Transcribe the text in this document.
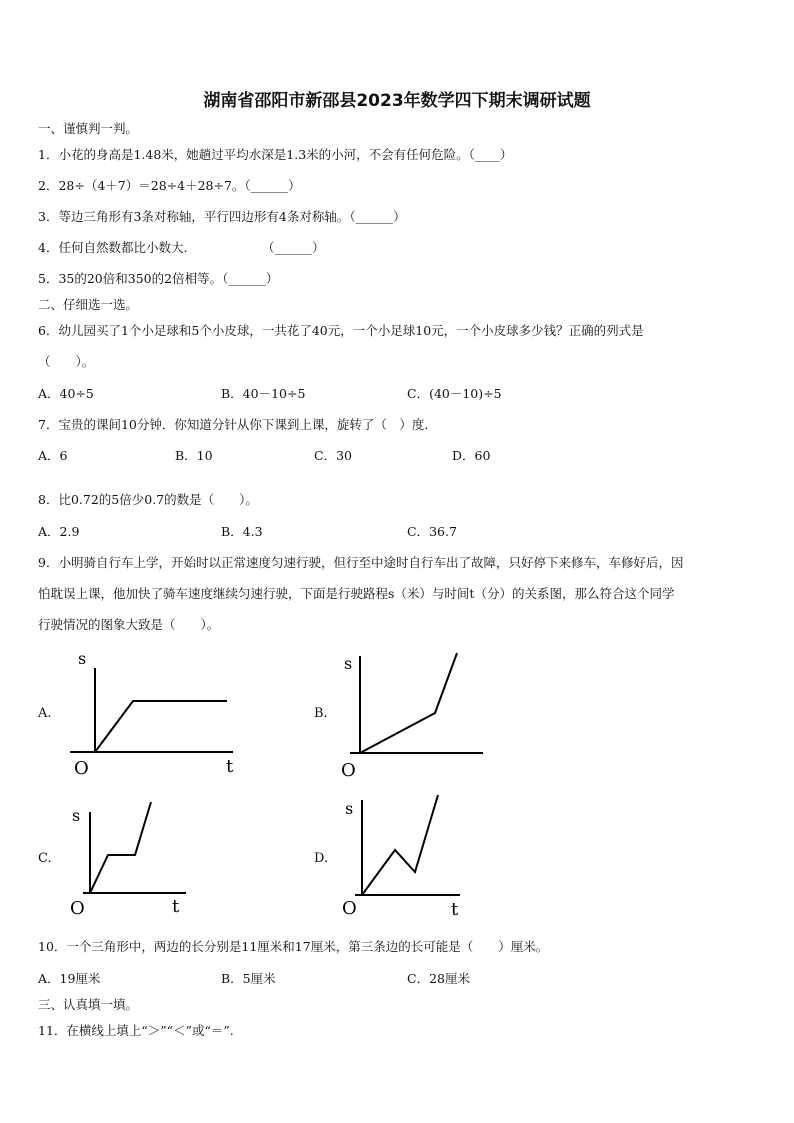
湖南省邵阳市新邵县2023年数学四下期末调研试题
一、谨慎判一判。
1．小花的身高是1.48米，她趟过平均水深是1.3米的小河，不会有任何危险。（____）
2．28÷（4＋7）＝28÷4＋28÷7。（______）
3．等边三角形有3条对称轴，平行四边形有4条对称轴。（______）
4．任何自然数都比小数大.	（______）
5．35的20倍和350的2倍相等。（______）
二、仔细选一选。
6．幼儿园买了1个小足球和5个小皮球，一共花了40元，一个小足球10元，一个小皮球多少钱？正确的列式是
（　　）。
A．40÷5	B．40－10÷5	C．(40－10)÷5
7．宝贵的课间10分钟．你知道分针从你下课到上课，旋转了（　）度．
A．6	B．10	C．30	D．60
8．比0.72的5倍少0.7的数是（　　）。
A．2.9	B．4.3	C．36.7
9．小明骑自行车上学，开始时以正常速度匀速行驶，但行至中途时自行车出了故障，只好停下来修车，车修好后，因
怕耽误上课，他加快了骑车速度继续匀速行驶，下面是行驶路程s（米）与时间t（分）的关系图，那么符合这个同学
行驶情况的图象大致是（　　）。
A.
s
t
O
B.
s
O
C.
s
t
O
D.
s
t
O
10．一个三角形中，两边的长分别是11厘米和17厘米，第三条边的长可能是（　　）厘米。
A．19厘米	B．5厘米	C．28厘米
三、认真填一填。
11．在横线上填上“＞”“＜”或“＝”.
